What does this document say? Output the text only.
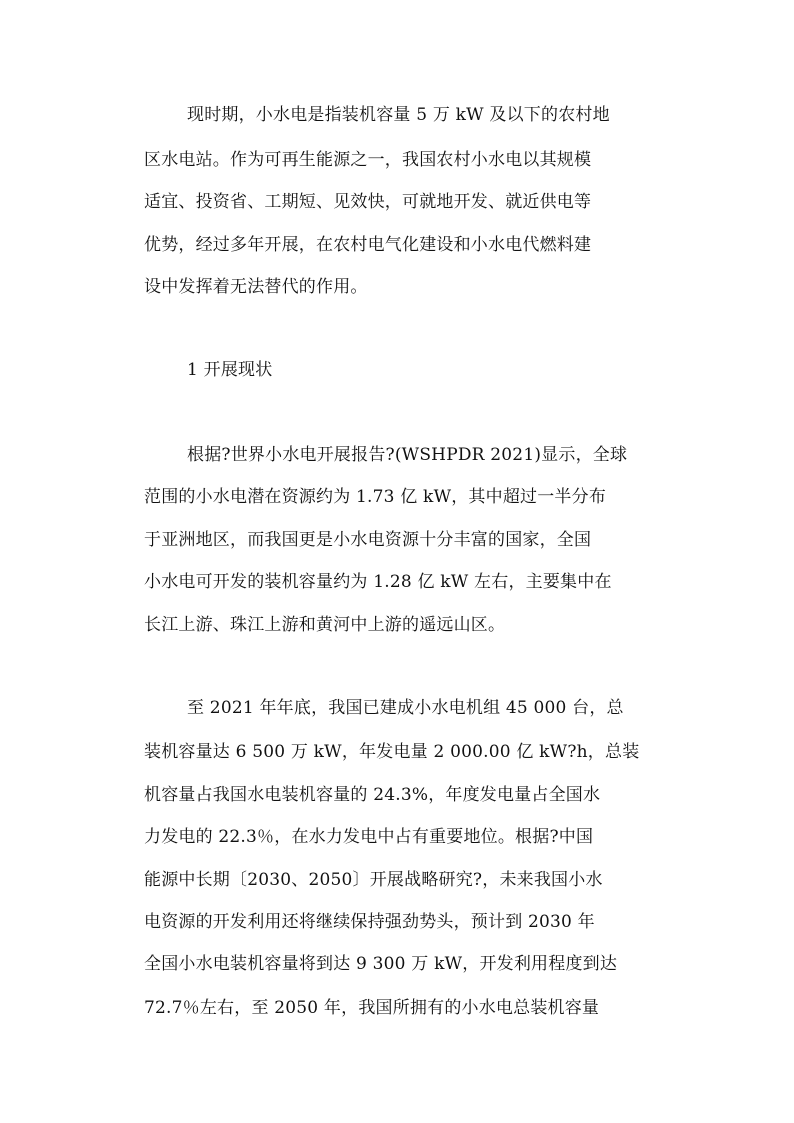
现时期，小水电是指装机容量 5 万 kW 及以下的农村地
区水电站。作为可再生能源之一，我国农村小水电以其规模
适宜、投资省、工期短、见效快，可就地开发、就近供电等
优势，经过多年开展，在农村电气化建设和小水电代燃料建
设中发挥着无法替代的作用。
1 开展现状
根据?世界小水电开展报告?(WSHPDR 2021)显示，全球
范围的小水电潜在资源约为 1.73 亿 kW，其中超过一半分布
于亚洲地区，而我国更是小水电资源十分丰富的国家，全国
小水电可开发的装机容量约为 1.28 亿 kW 左右，主要集中在
长江上游、珠江上游和黄河中上游的遥远山区。
至 2021 年年底，我国已建成小水电机组 45 000 台，总
装机容量达 6 500 万 kW，年发电量 2 000.00 亿 kW?h，总装
机容量占我国水电装机容量的 24.3%，年度发电量占全国水
力发电的 22.3％，在水力发电中占有重要地位。根据?中国
能源中长期〔2030、2050〕开展战略研究?，未来我国小水
电资源的开发利用还将继续保持强劲势头，预计到 2030 年
全国小水电装机容量将到达 9 300 万 kW，开发利用程度到达
72.7％左右，至 2050 年，我国所拥有的小水电总装机容量
